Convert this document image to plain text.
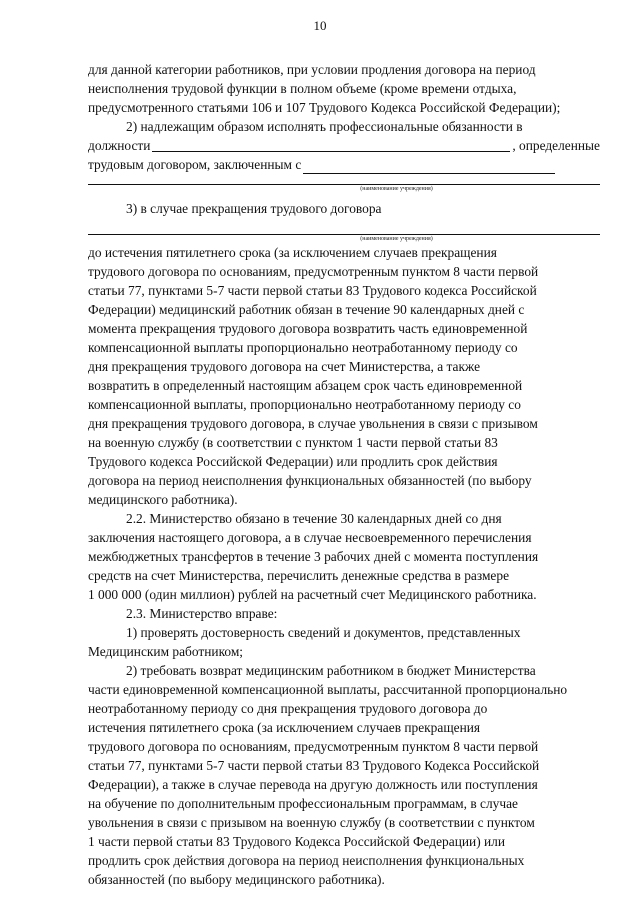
10

для данной категории работников, при условии продления договора на период
неисполнения трудовой функции в полном объеме (кроме времени отдыха,
предусмотренного статьями 106 и 107 Трудового Кодекса Российской Федерации);

2) надлежащим образом исполнять профессиональные обязанности в

должности	, определенные
трудовым договором, заключенным с
(наименование учреждения)

3) в случае прекращения трудового договора

(наименование учреждения)

до истечения пятилетнего срока (за исключением случаев прекращения
трудового договора по основаниям, предусмотренным пунктом 8 части первой
статьи 77, пунктами 5-7 части первой статьи 83 Трудового кодекса Российской
Федерации) медицинский работник обязан в течение 90 календарных дней с
момента прекращения трудового договора возвратить часть единовременной
компенсационной выплаты пропорционально неотработанному периоду со
дня прекращения трудового договора на счет Министерства, а также
возвратить в определенный настоящим абзацем срок часть единовременной
компенсационной выплаты, пропорционально неотработанному периоду со
дня прекращения трудового договора, в случае увольнения в связи с призывом
на военную службу (в соответствии с пунктом 1 части первой статьи 83
Трудового кодекса Российской Федерации) или продлить срок действия
договора на период неисполнения функциональных обязанностей (по выбору
медицинского работника).

2.2. Министерство обязано в течение 30 календарных дней со дня
заключения настоящего договора, а в случае несвоевременного перечисления
межбюджетных трансфертов в течение 3 рабочих дней с момента поступления
средств на счет Министерства, перечислить денежные средства в размере
1 000 000 (один миллион) рублей на расчетный счет Медицинского работника.

2.3. Министерство вправе:

1) проверять достоверность сведений и документов, представленных
Медицинским работником;

2) требовать возврат медицинским работником в бюджет Министерства
части единовременной компенсационной выплаты, рассчитанной пропорционально
неотработанному периоду со дня прекращения трудового договора до
истечения пятилетнего срока (за исключением случаев прекращения
трудового договора по основаниям, предусмотренным пунктом 8 части первой
статьи 77, пунктами 5-7 части первой статьи 83 Трудового Кодекса Российской
Федерации), а также в случае перевода на другую должность или поступления
на обучение по дополнительным профессиональным программам, в случае
увольнения в связи с призывом на военную службу (в соответствии с пунктом
1 части первой статьи 83 Трудового Кодекса Российской Федерации) или
продлить срок действия договора на период неисполнения функциональных
обязанностей (по выбору медицинского работника).
